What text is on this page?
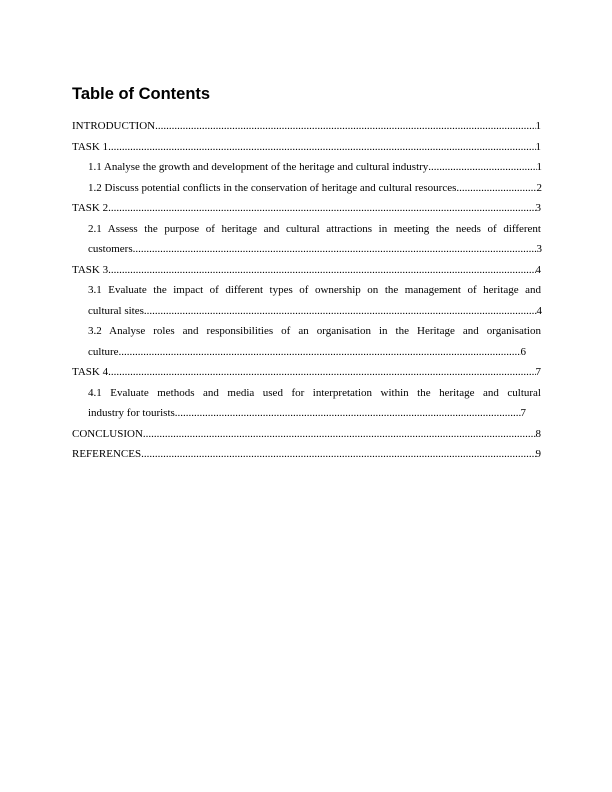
Table of Contents
INTRODUCTION .....	1
TASK 1 .....	1
1.1 Analyse the growth and development of the heritage and cultural industry .....	1
1.2 Discuss potential conflicts in the conservation of heritage and cultural resources .....	2
TASK 2 .....	3
2.1 Assess the purpose of heritage and cultural attractions in meeting the needs of different
customers .....	3
TASK 3 .....	4
3.1 Evaluate the impact of different types of ownership on the management of heritage and
cultural sites .....	4
3.2 Analyse roles and responsibilities of an organisation in the Heritage and organisation
culture .....	6
TASK 4 .....	7
4.1 Evaluate methods and media used for interpretation within the heritage and cultural
industry for tourists .....	7
CONCLUSION .....	8
REFERENCES .....	9
